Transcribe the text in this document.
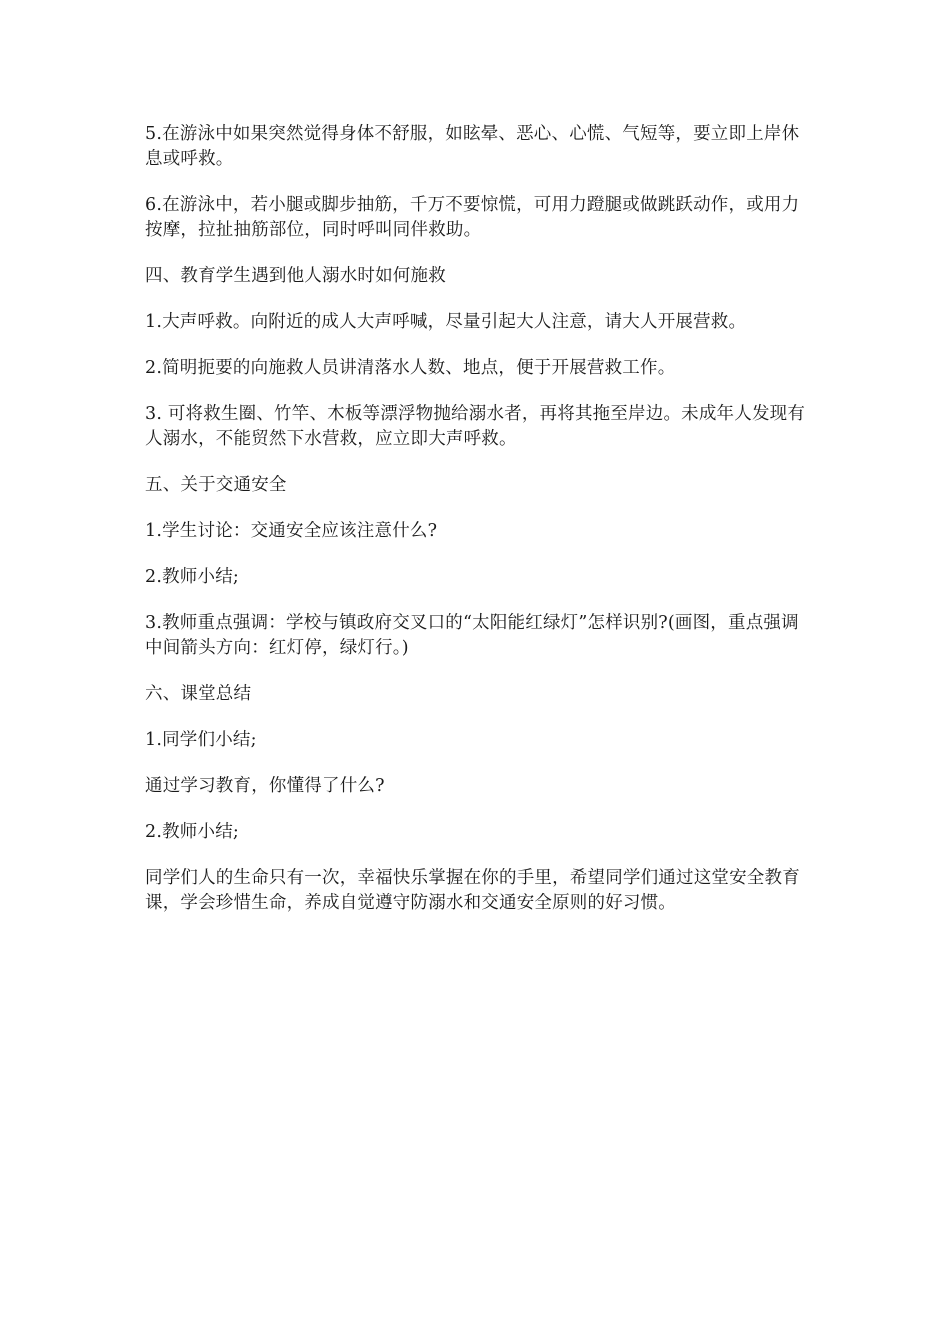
5.在游泳中如果突然觉得身体不舒服，如眩晕、恶心、心慌、气短等，要立即上岸休息或呼救。

6.在游泳中，若小腿或脚步抽筋，千万不要惊慌，可用力蹬腿或做跳跃动作，或用力按摩，拉扯抽筋部位，同时呼叫同伴救助。

四、教育学生遇到他人溺水时如何施救

1.大声呼救。向附近的成人大声呼喊，尽量引起大人注意，请大人开展营救。

2.简明扼要的向施救人员讲清落水人数、地点，便于开展营救工作。

3. 可将救生圈、竹竿、木板等漂浮物抛给溺水者，再将其拖至岸边。未成年人发现有人溺水，不能贸然下水营救，应立即大声呼救。

五、关于交通安全

1.学生讨论：交通安全应该注意什么?

2.教师小结;

3.教师重点强调：学校与镇政府交叉口的“太阳能红绿灯”怎样识别?(画图，重点强调中间箭头方向：红灯停，绿灯行。)

六、课堂总结

1.同学们小结;

通过学习教育，你懂得了什么?

2.教师小结;

同学们人的生命只有一次，幸福快乐掌握在你的手里，希望同学们通过这堂安全教育课，学会珍惜生命，养成自觉遵守防溺水和交通安全原则的好习惯。
